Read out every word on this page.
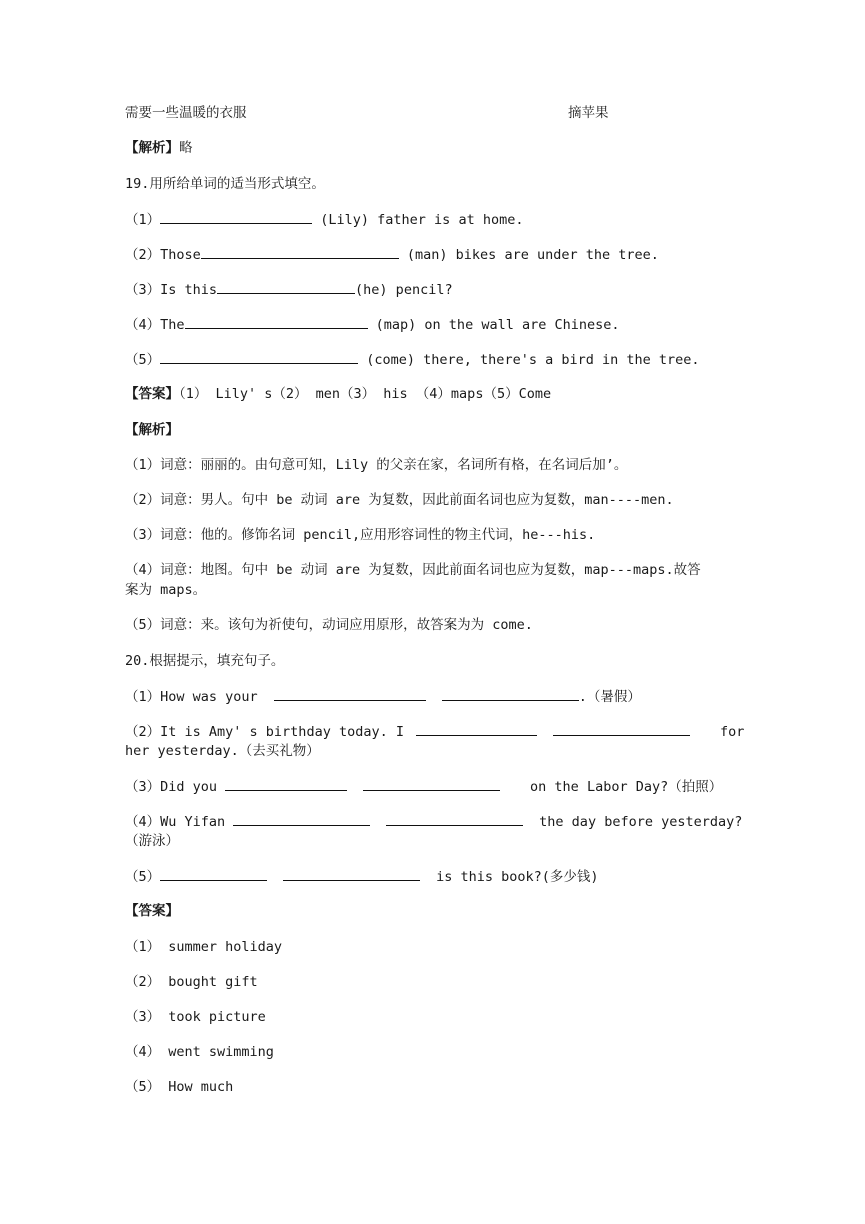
需要一些温暖的衣服	摘苹果
【解析】略
19.用所给单词的适当形式填空。
（1）	(Lily) father is at home.
（2）Those	(man) bikes are under the tree.
（3）Is this	(he) pencil?
（4）The	(map) on the wall are Chinese.
（5）	(come) there, there's a bird in the tree.
【答案】（1） Lily' s（2） men（3） his （4）maps（5）Come
【解析】
（1）词意：丽丽的。由句意可知，Lily 的父亲在家，名词所有格，在名词后加’。
（2）词意：男人。句中 be 动词 are 为复数，因此前面名词也应为复数，man----men.
（3）词意：他的。修饰名词 pencil,应用形容词性的物主代词，he---his.
（4）词意：地图。句中 be 动词 are 为复数，因此前面名词也应为复数，map---maps.故答
案为 maps。
（5）词意：来。该句为祈使句，动词应用原形，故答案为为 come.
20.根据提示，填充句子。
（1）How was your	.（暑假）
（2）It is Amy' s birthday today. I	for
her yesterday.（去买礼物）
（3）Did you	on the Labor Day?（拍照）
（4）Wu Yifan	the day before yesterday?
（游泳）
（5）	is this book?(多少钱)
【答案】
（1） summer holiday
（2） bought gift
（3） took picture
（4） went swimming
（5） How much
